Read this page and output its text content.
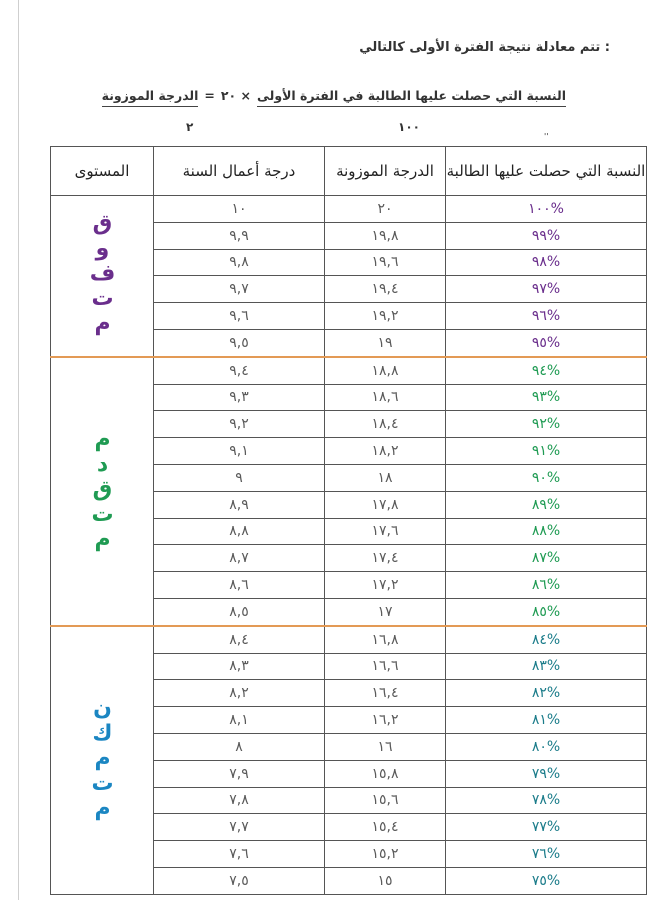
: تتم معادلة نتيجة الفترة الأولى كالتالي
النسبة التي حصلت عليها الطالبة في الفترة الأولى
× ٢٠
=
الدرجة الموزونة
١٠٠
٢
''
النسبة التي حصلت عليها الطالبة	الدرجة الموزونة	درجة أعمال السنة	المستوى
%١٠٠	٢٠	١٠	متفوق
%٩٩	١٩,٨	٩,٩	
%٩٨	١٩,٦	٩,٨	
%٩٧	١٩,٤	٩,٧	
%٩٦	١٩,٢	٩,٦	
%٩٥	١٩	٩,٥	
%٩٤	١٨,٨	٩,٤	متقدم
%٩٣	١٨,٦	٩,٣	
%٩٢	١٨,٤	٩,٢	
%٩١	١٨,٢	٩,١	
%٩٠	١٨	٩	
%٨٩	١٧,٨	٨,٩	
%٨٨	١٧,٦	٨,٨	
%٨٧	١٧,٤	٨,٧	
%٨٦	١٧,٢	٨,٦	
%٨٥	١٧	٨,٥	
%٨٤	١٦,٨	٨,٤	متمكن
%٨٣	١٦,٦	٨,٣	
%٨٢	١٦,٤	٨,٢	
%٨١	١٦,٢	٨,١	
%٨٠	١٦	٨	
%٧٩	١٥,٨	٧,٩	
%٧٨	١٥,٦	٧,٨	
%٧٧	١٥,٤	٧,٧	
%٧٦	١٥,٢	٧,٦	
%٧٥	١٥	٧,٥	
